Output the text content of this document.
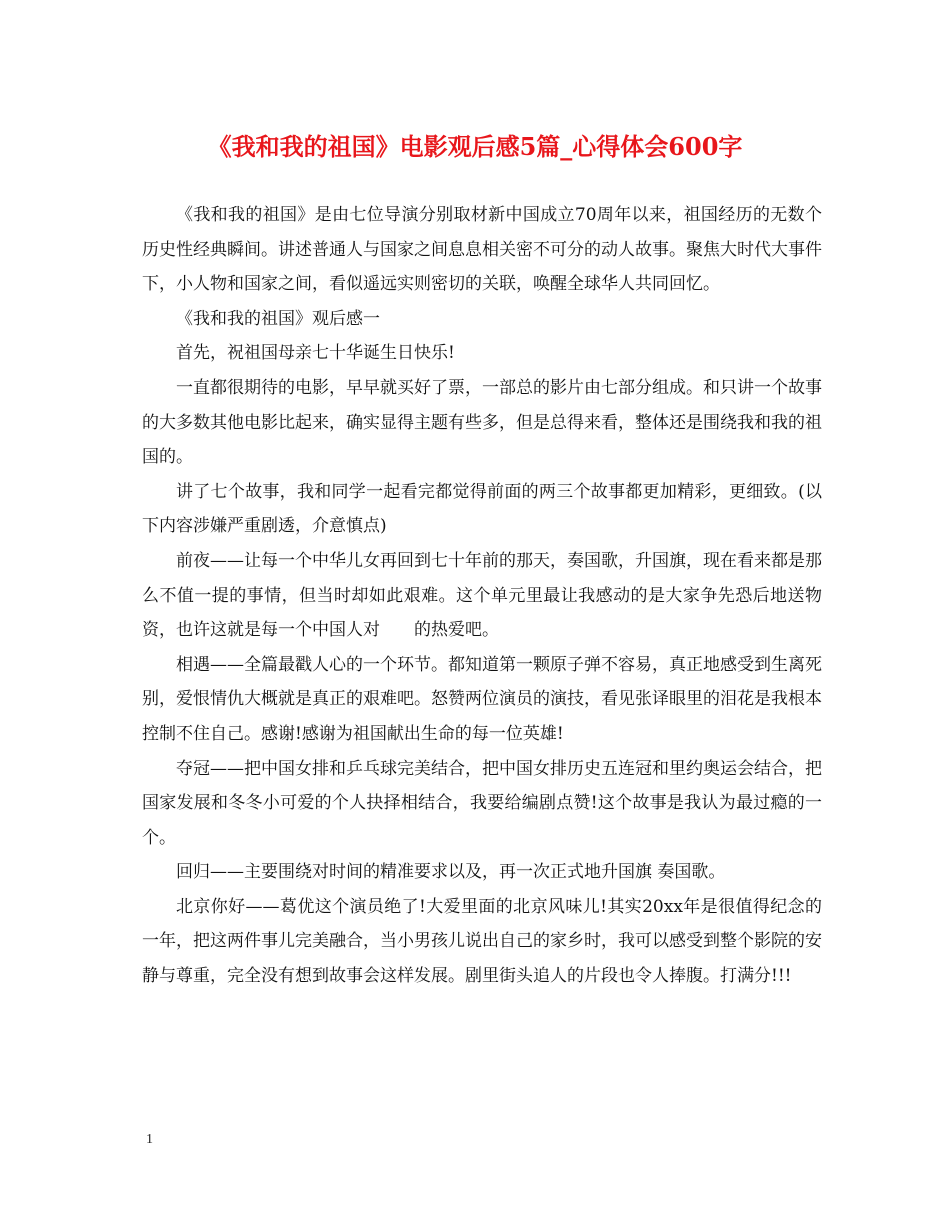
《我和我的祖国》电影观后感5篇_心得体会600字

《我和我的祖国》是由七位导演分别取材新中国成立70周年以来，祖国经历的无数个历史性经典瞬间。讲述普通人与国家之间息息相关密不可分的动人故事。聚焦大时代大事件下，小人物和国家之间，看似遥远实则密切的关联，唤醒全球华人共同回忆。

《我和我的祖国》观后感一

首先，祝祖国母亲七十华诞生日快乐!

一直都很期待的电影，早早就买好了票，一部总的影片由七部分组成。和只讲一个故事的大多数其他电影比起来，确实显得主题有些多，但是总得来看，整体还是围绕我和我的祖国的。

讲了七个故事，我和同学一起看完都觉得前面的两三个故事都更加精彩，更细致。(以下内容涉嫌严重剧透，介意慎点)

前夜——让每一个中华儿女再回到七十年前的那天，奏国歌，升国旗，现在看来都是那么不值一提的事情，但当时却如此艰难。这个单元里最让我感动的是大家争先恐后地送物资，也许这就是每一个中国人对　　的热爱吧。

相遇——全篇最戳人心的一个环节。都知道第一颗原子弹不容易，真正地感受到生离死别，爱恨情仇大概就是真正的艰难吧。怒赞两位演员的演技，看见张译眼里的泪花是我根本控制不住自己。感谢!感谢为祖国献出生命的每一位英雄!

夺冠——把中国女排和乒乓球完美结合，把中国女排历史五连冠和里约奥运会结合，把国家发展和冬冬小可爱的个人抉择相结合，我要给编剧点赞!这个故事是我认为最过瘾的一个。

回归——主要围绕对时间的精准要求以及，再一次正式地升国旗 奏国歌。

北京你好——葛优这个演员绝了!大爱里面的北京风味儿!其实20xx年是很值得纪念的一年，把这两件事儿完美融合，当小男孩儿说出自己的家乡时，我可以感受到整个影院的安静与尊重，完全没有想到故事会这样发展。剧里街头追人的片段也令人捧腹。打满分!!!

1
